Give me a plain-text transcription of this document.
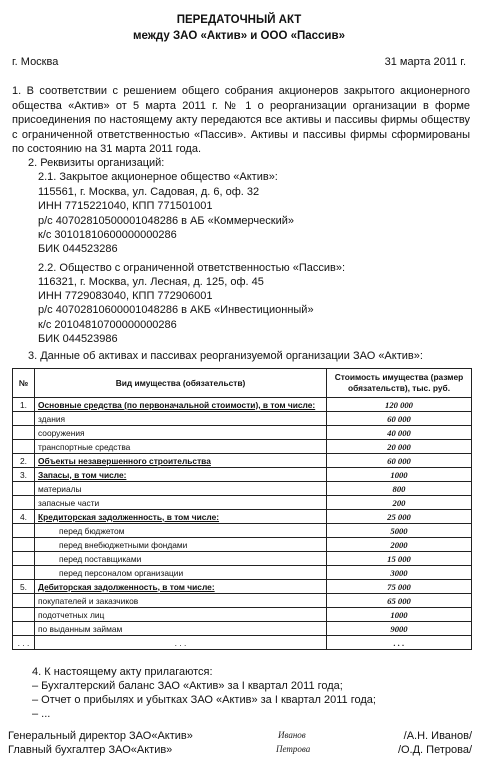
ПЕРЕДАТОЧНЫЙ АКТ
между ЗАО «Актив» и ООО «Пассив»
г. Москва	31 марта 2011 г.
1. В соответствии с решением общего собрания акционеров закрытого акционерного общества «Актив» от 5 марта 2011 г. № 1 о реорганизации организации в форме присоединения по настоящему акту передаются все активы и пассивы фирмы обществу с ограниченной ответственностью «Пассив». Активы и пассивы фирмы сформированы по состоянию на 31 марта 2011 года.
2. Реквизиты организаций:
2.1. Закрытое акционерное общество «Актив»:
115561, г. Москва, ул. Садовая, д. 6, оф. 32
ИНН 7715221040, КПП 771501001
р/с 40702810500001048286 в АБ «Коммерческий»
к/с 30101810600000000286
БИК 044523286
2.2. Общество с ограниченной ответственностью «Пассив»:
116321, г. Москва, ул. Лесная, д. 125, оф. 45
ИНН 7729083040, КПП 772906001
р/с 40702810600001048286 в АКБ «Инвестиционный»
к/с 20104810700000000286
БИК 044523986
3. Данные об активах и пассивах реорганизуемой организации ЗАО «Актив»:
№	Вид имущества (обязательств)	Стоимость имущества (размер обязательств), тыс. руб.
1.	Основные средства (по первоначальной стоимости), в том числе:	120 000
	здания	60 000
	сооружения	40 000
	транспортные средства	20 000
2.	Объекты незавершенного строительства	60 000
3.	Запасы, в том числе:	1000
	материалы	800
	запасные части	200
4.	Кредиторская задолженность, в том числе:	25 000
	перед бюджетом	5000
	перед внебюджетными фондами	2000
	перед поставщиками	15 000
	перед персоналом организации	3000
5.	Дебиторская задолженность, в том числе:	75 000
	покупателей и заказчиков	65 000
	подотчетных лиц	1000
	по выданным займам	9000
. . .	. . .	. . .
4. К настоящему акту прилагаются:
– Бухгалтерский баланс ЗАО «Актив» за I квартал 2011 года;
– Отчет о прибылях и убытках ЗАО «Актив» за I квартал 2011 года;
– ...
Генеральный директор ЗАО«Актив»	Иванов	/А.Н. Иванов/
Главный бухгалтер ЗАО«Актив»	Петрова	/О.Д. Петрова/
